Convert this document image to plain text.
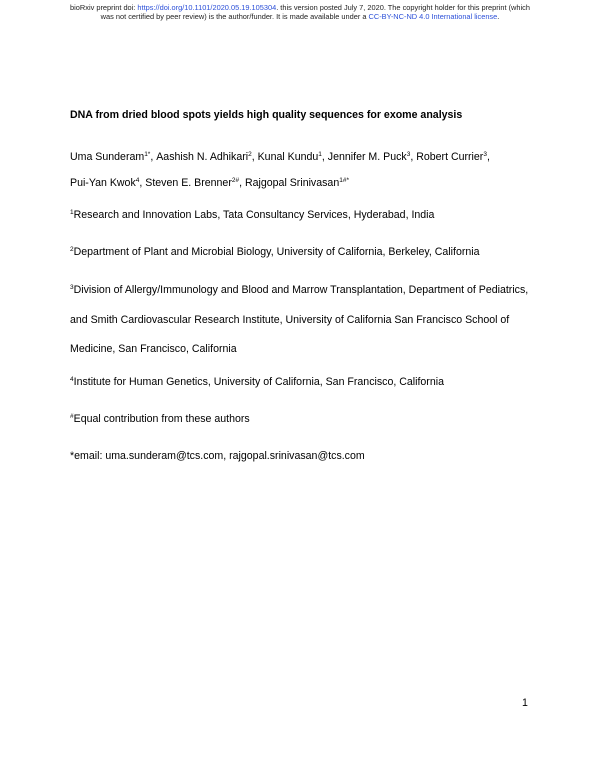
bioRxiv preprint doi: https://doi.org/10.1101/2020.05.19.105304. this version posted July 7, 2020. The copyright holder for this preprint (which
was not certified by peer review) is the author/funder. It is made available under a CC-BY-NC-ND 4.0 International license.
DNA from dried blood spots yields high quality sequences for exome analysis
Uma Sunderam$^{1*}$, Aashish N. Adhikari$^2$, Kunal Kundu$^1$, Jennifer M. Puck$^3$, Robert Currier$^3$, Pui-Yan Kwok$^4$, Steven E. Brenner$^{2\#}$, Rajgopal Srinivasan$^{1\#*}$
$^1$Research and Innovation Labs, Tata Consultancy Services, Hyderabad, India
$^2$Department of Plant and Microbial Biology, University of California, Berkeley, California
$^3$Division of Allergy/Immunology and Blood and Marrow Transplantation, Department of Pediatrics, and Smith Cardiovascular Research Institute, University of California San Francisco School of Medicine, San Francisco, California
$^4$Institute for Human Genetics, University of California, San Francisco, California
#Equal contribution from these authors
*email: uma.sunderam@tcs.com, rajgopal.srinivasan@tcs.com
1
